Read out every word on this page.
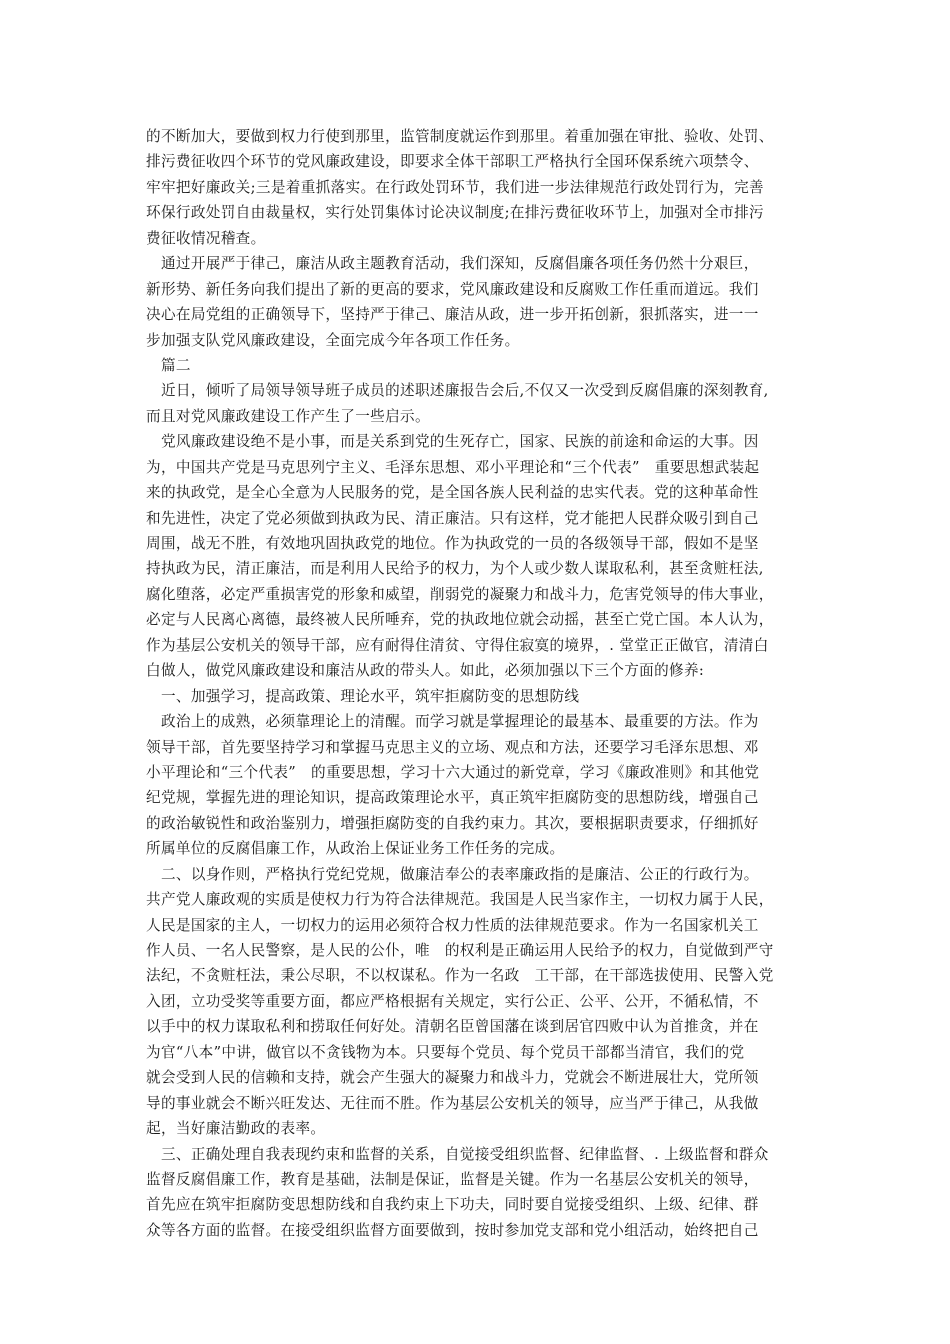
的不断加大，要做到权力行使到那里，监管制度就运作到那里。着重加强在审批、验收、处罚、
排污费征收四个环节的党风廉政建设，即要求全体干部职工严格执行全国环保系统六项禁令、
牢牢把好廉政关;三是着重抓落实。在行政处罚环节，我们进一步法律规范行政处罚行为，完善
环保行政处罚自由裁量权，实行处罚集体讨论决议制度;在排污费征收环节上，加强对全市排污
费征收情况稽查。
　通过开展严于律己，廉洁从政主题教育活动，我们深知，反腐倡廉各项任务仍然十分艰巨，
新形势、新任务向我们提出了新的更高的要求，党风廉政建设和反腐败工作任重而道远。我们
决心在局党组的正确领导下，坚持严于律己、廉洁从政，进一步开拓创新，狠抓落实，进一一
步加强支队党风廉政建设，全面完成今年各项工作任务。
　篇二
　近日，倾听了局领导领导班子成员的述职述廉报告会后,不仅又一次受到反腐倡廉的深刻教育,
而且对党风廉政建设工作产生了一些启示。
　党风廉政建设绝不是小事，而是关系到党的生死存亡，国家、民族的前途和命运的大事。因
为，中国共产党是马克思列宁主义、毛泽东思想、邓小平理论和“三个代表”　重要思想武装起
来的执政党，是全心全意为人民服务的党，是全国各族人民利益的忠实代表。党的这种革命性
和先进性，决定了党必须做到执政为民、清正廉洁。只有这样，党才能把人民群众吸引到自己
周围，战无不胜，有效地巩固执政党的地位。作为执政党的一员的各级领导干部，假如不是坚
持执政为民，清正廉洁，而是利用人民给予的权力，为个人或少数人谋取私利，甚至贪赃枉法,
腐化堕落，必定严重损害党的形象和威望，削弱党的凝聚力和战斗力，危害党领导的伟大事业，
必定与人民离心离德，最终被人民所唾弃，党的执政地位就会动摇，甚至亡党亡国。本人认为，
作为基层公安机关的领导干部，应有耐得住清贫、守得住寂寞的境界，. 堂堂正正做官，清清白
白做人，做党风廉政建设和廉洁从政的带头人。如此，必须加强以下三个方面的修养:
　一、加强学习，提高政策、理论水平，筑牢拒腐防变的思想防线
　政治上的成熟，必须靠理论上的清醒。而学习就是掌握理论的最基本、最重要的方法。作为
领导干部，首先要坚持学习和掌握马克思主义的立场、观点和方法，还要学习毛泽东思想、邓
小平理论和“三个代表”　的重要思想，学习十六大通过的新党章，学习《廉政准则》和其他党
纪党规，掌握先进的理论知识，提高政策理论水平，真正筑牢拒腐防变的思想防线，增强自己
的政治敏锐性和政治鉴别力，增强拒腐防变的自我约束力。其次，要根据职责要求，仔细抓好
所属单位的反腐倡廉工作，从政治上保证业务工作任务的完成。
　二、以身作则，严格执行党纪党规，做廉洁奉公的表率廉政指的是廉洁、公正的行政行为。
共产党人廉政观的实质是使权力行为符合法律规范。我国是人民当家作主，一切权力属于人民，
人民是国家的主人，一切权力的运用必须符合权力性质的法律规范要求。作为一名国家机关工
作人员、一名人民警察，是人民的公仆，唯　的权利是正确运用人民给予的权力，自觉做到严守
法纪，不贪赃枉法，秉公尽职，不以权谋私。作为一名政　工干部，在干部选拔使用、民警入党
入团，立功受奖等重要方面，都应严格根据有关规定，实行公正、公平、公开，不循私情，不
以手中的权力谋取私利和捞取任何好处。清朝名臣曾国藩在谈到居官四败中认为首推贪，并在
为官“八本”中讲，做官以不贪钱物为本。只要每个党员、每个党员干部都当清官，我们的党
就会受到人民的信赖和支持，就会产生强大的凝聚力和战斗力，党就会不断进展壮大，党所领
导的事业就会不断兴旺发达、无往而不胜。作为基层公安机关的领导，应当严于律己，从我做
起，当好廉洁勤政的表率。
　三、正确处理自我表现约束和监督的关系，自觉接受组织监督、纪律监督、. 上级监督和群众
监督反腐倡廉工作，教育是基础，法制是保证，监督是关键。作为一名基层公安机关的领导，
首先应在筑牢拒腐防变思想防线和自我约束上下功夫，同时要自觉接受组织、上级、纪律、群
众等各方面的监督。在接受组织监督方面要做到，按时参加党支部和党小组活动，始终把自己
